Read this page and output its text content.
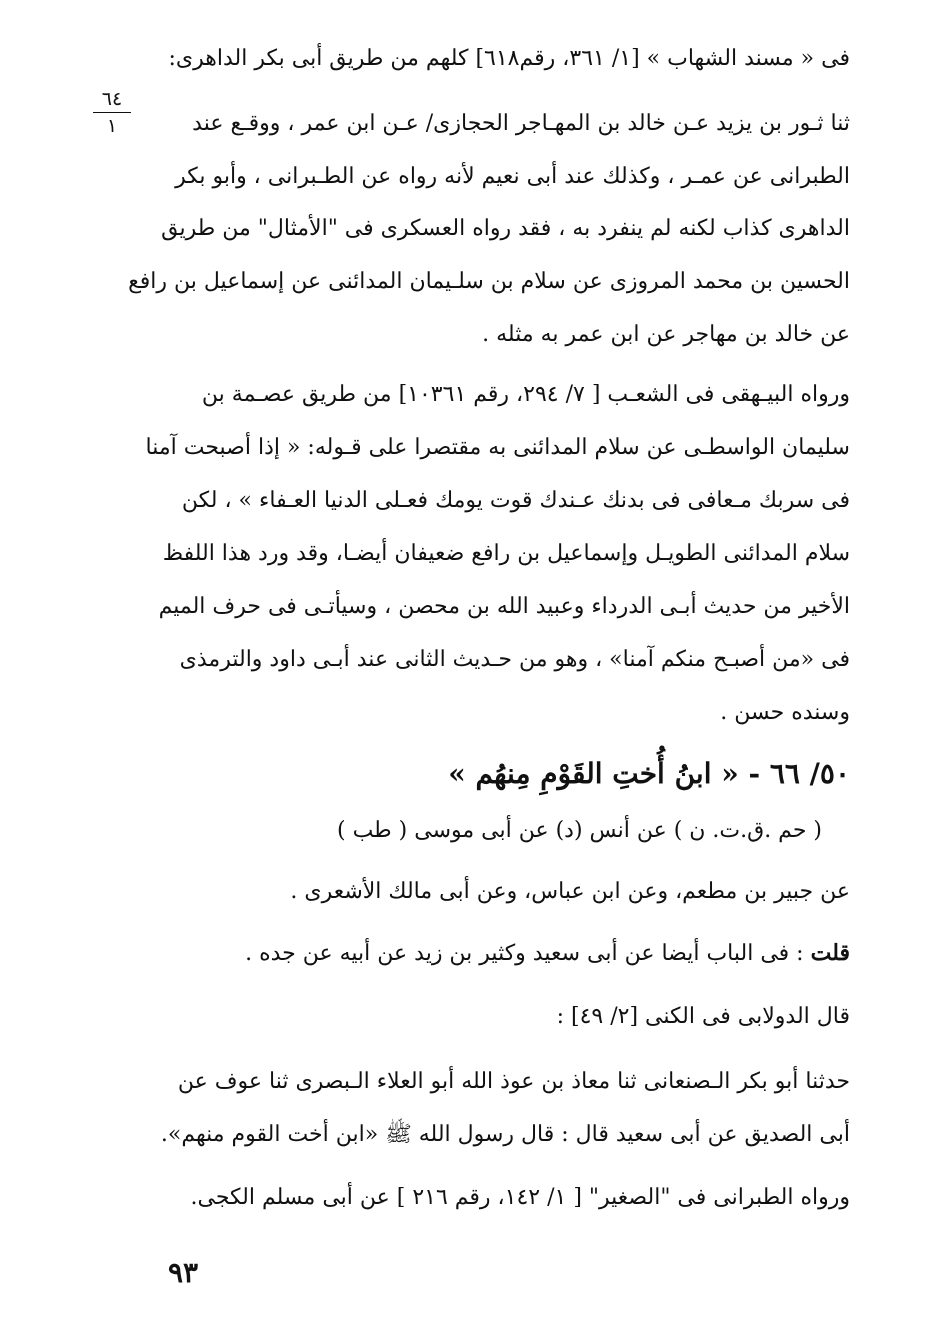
٦٤
١
فى « مسند الشهاب » [١/ ٣٦١، رقم٦١٨] كلهم من طريق أبى بكر الداهرى:
ثنا ثـور بن يزيد عـن خالد بن المهـاجر الحجازى/ عـن ابن عمر ، ووقـع عند
الطبرانى عن عمـر ، وكذلك عند أبى نعيم لأنه رواه عن الطـبرانى ، وأبو بكر
الداهرى كذاب لكنه لم ينفرد به ، فقد رواه العسكرى فى "الأمثال" من طريق
الحسين بن محمد المروزى عن سلام بن سلـيمان المدائنى عن إسماعيل بن رافع
عن خالد بن مهاجر عن ابن عمر به مثله .
ورواه البيـهقى فى الشعـب [ ٧/ ٢٩٤، رقم ١٠٣٦١] من طريق عصـمة بن
سليمان الواسطـى عن سلام المدائنى به مقتصرا على قـوله: « إذا أصبحت آمنا
فى سربك مـعافى فى بدنك عـندك قوت يومك فعـلى الدنيا العـفاء » ، لكن
سلام المدائنى الطويـل وإسماعيل بن رافع ضعيفان أيضـا، وقد ورد هذا اللفظ
الأخير من حديث أبـى الدرداء وعبيد الله بن محصن ، وسيأتـى فى حرف الميم
فى «من أصبـح منكم آمنا» ، وهو من حـديث الثانى عند أبـى داود والترمذى
وسنده حسن .
٥٠/ ٦٦ - « ابنُ أُختِ القَوْمِ مِنهُم »
( حم .ق.ت. ن ) عن أنس (د) عن أبى موسى ( طب )
عن جبير بن مطعم، وعن ابن عباس، وعن أبى مالك الأشعرى .
قلت : فى الباب أيضا عن أبى سعيد وكثير بن زيد عن أبيه عن جده .
قال الدولابى فى الكنى [٢/ ٤٩] :
حدثنا أبو بكر الـصنعانى ثنا معاذ بن عوذ الله أبو العلاء الـبصرى ثنا عوف عن
أبى الصديق عن أبى سعيد قال : قال رسول الله ﷺ «ابن أخت القوم منهم».
ورواه الطبرانى فى "الصغير" [ ١/ ١٤٢، رقم ٢١٦ ] عن أبى مسلم الكجى.
٩٣
